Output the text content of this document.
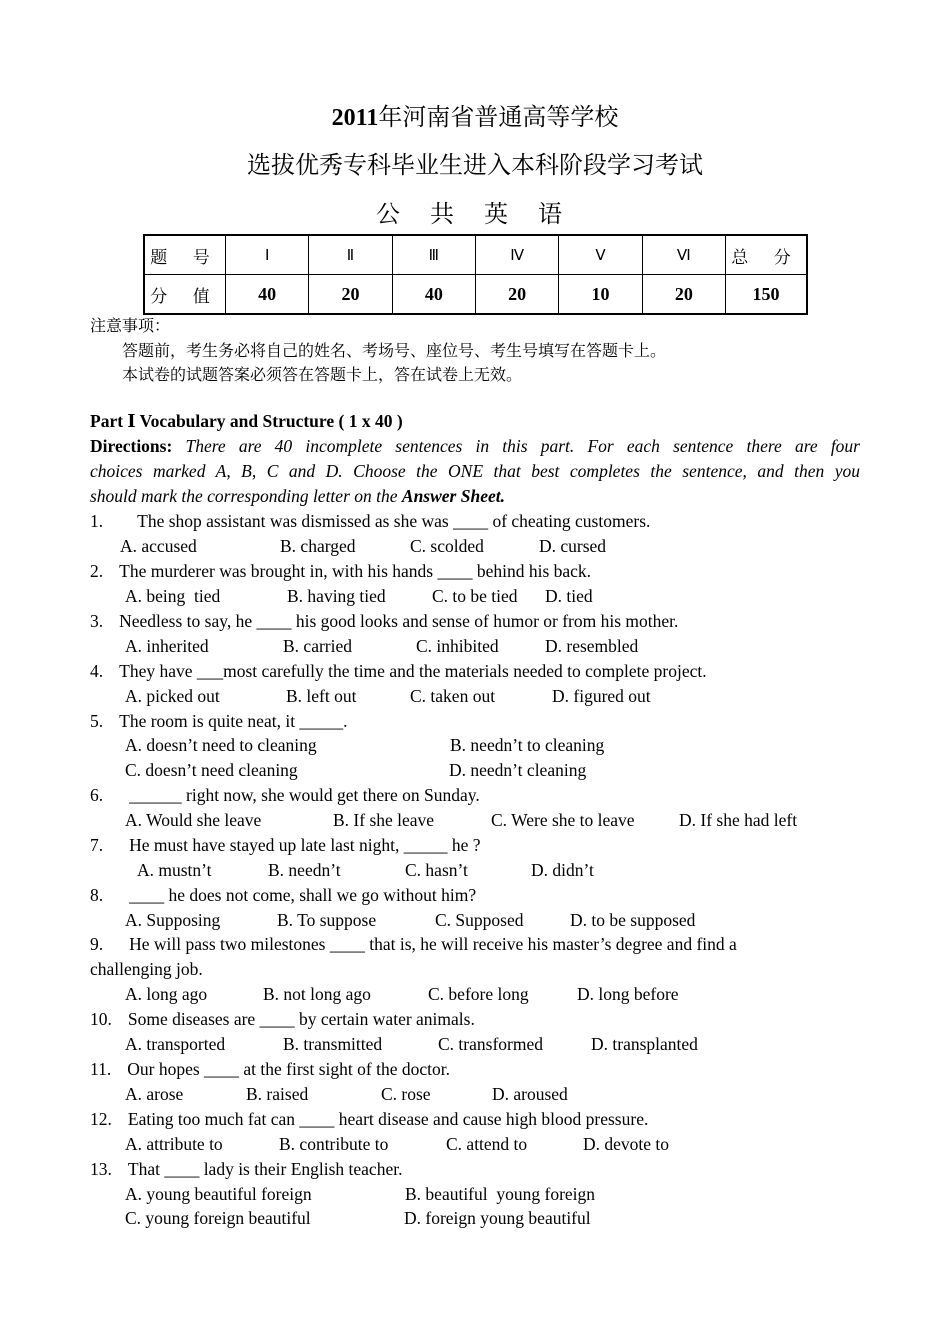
2011年河南省普通高等学校
选拔优秀专科毕业生进入本科阶段学习考试
公 共 英 语
题 号	Ⅰ	Ⅱ	Ⅲ	Ⅳ	Ⅴ	Ⅵ	总 分
分 值	40	20	40	20	10	20	150
注意事项：
答题前，考生务必将自己的姓名、考场号、座位号、考生号填写在答题卡上。
本试卷的试题答案必须答在答题卡上，答在试卷上无效。
Part Ⅰ Vocabulary and Structure ( 1 x 40 )
Directions: There are 40 incomplete sentences in this part. For each sentence there are four
choices marked A, B, C and D. Choose the ONE that best completes the sentence, and then you
should mark the corresponding letter on the Answer Sheet.
1. The shop assistant was dismissed as she was ____ of cheating customers.
A. accused	B. charged	C. scolded	D. cursed
2. The murderer was brought in, with his hands ____ behind his back.
A. being  tied	B. having tied	C. to be tied D. tied
3. Needless to say, he ____ his good looks and sense of humor or from his mother.
A. inherited	B. carried	C. inhibited	D. resembled
4. They have ___most carefully the time and the materials needed to complete project.
A. picked out	B. left out	C. taken out	D. figured out
5. The room is quite neat, it _____.
A. doesn’t need to cleaning	B. needn’t to cleaning
C. doesn’t need cleaning	D. needn’t cleaning
6. ______ right now, she would get there on Sunday.
A. Would she leave	B. If she leave	C. Were she to leave	D. If she had left
7. He must have stayed up late last night, _____ he ?
A. mustn’t	B. needn’t	C. hasn’t	D. didn’t
8. ____ he does not come, shall we go without him?
A. Supposing	B. To suppose	C. Supposed	D. to be supposed
9. He will pass two milestones ____ that is, he will receive his master’s degree and find a
challenging job.
A. long ago	B. not long ago	C. before long	D. long before
10. Some diseases are ____ by certain water animals.
A. transported	B. transmitted	C. transformed	D. transplanted
11. Our hopes ____ at the first sight of the doctor.
A. arose	B. raised	C. rose	D. aroused
12. Eating too much fat can ____ heart disease and cause high blood pressure.
A. attribute to	B. contribute to	C. attend to	D. devote to
13. That ____ lady is their English teacher.
A. young beautiful foreign	B. beautiful  young foreign
C. young foreign beautiful	D. foreign young beautiful
